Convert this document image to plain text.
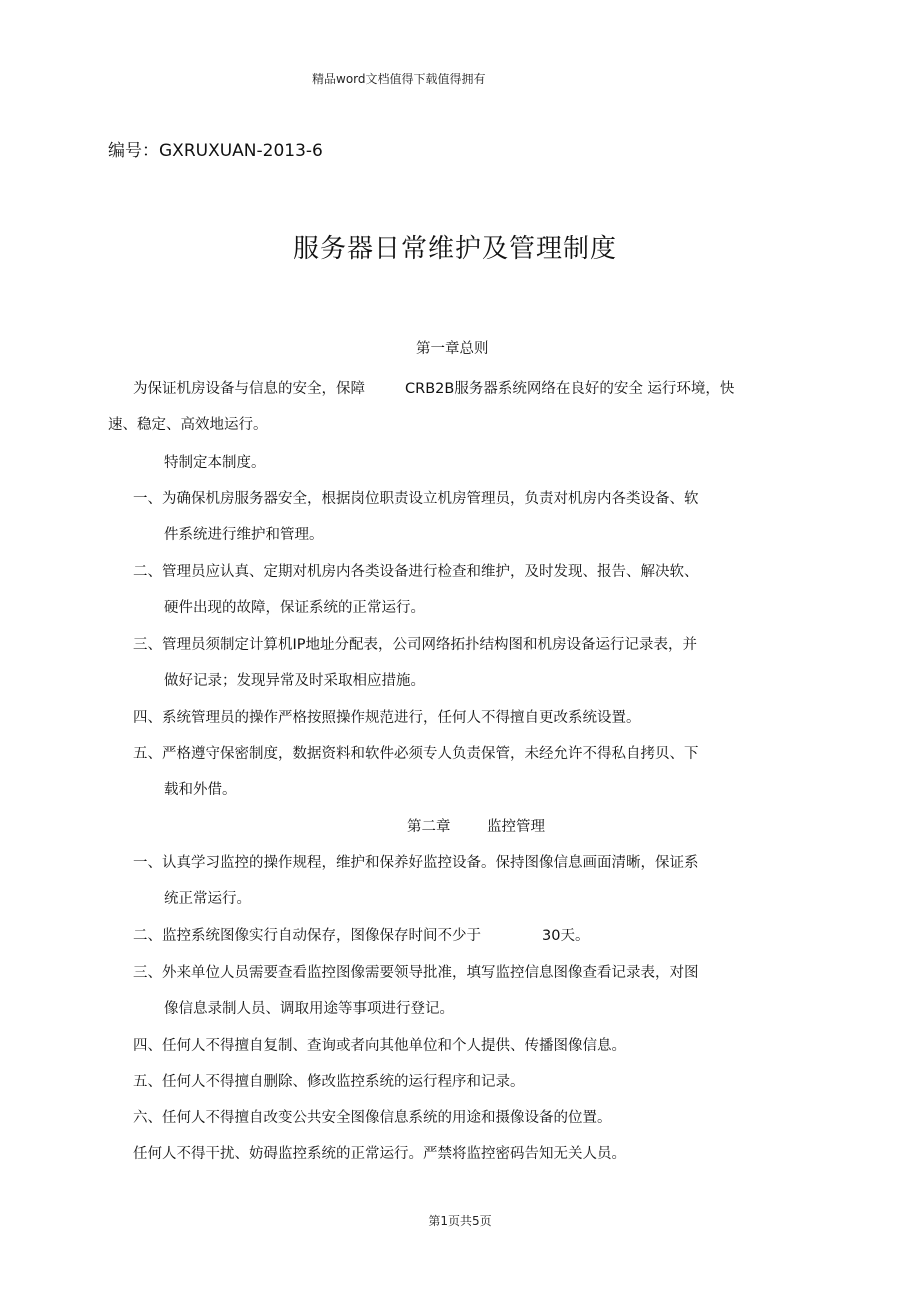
精品word文档值得下载值得拥有
编号：GXRUXUAN-2013-6
服务器日常维护及管理制度
第一章总则
为保证机房设备与信息的安全，保障	CRB2B服务器系统网络在良好的安全 运行环境，快
速、稳定、高效地运行。
特制定本制度。
一、为确保机房服务器安全，根据岗位职责设立机房管理员，负责对机房内各类设备、软
件系统进行维护和管理。
二、管理员应认真、定期对机房内各类设备进行检查和维护，及时发现、报告、解决软、
硬件出现的故障，保证系统的正常运行。
三、管理员须制定计算机IP地址分配表，公司网络拓扑结构图和机房设备运行记录表，并
做好记录；发现异常及时采取相应措施。
四、系统管理员的操作严格按照操作规范进行，任何人不得擅自更改系统设置。
五、严格遵守保密制度，数据资料和软件必须专人负责保管，未经允许不得私自拷贝、下
载和外借。
第二章	监控管理
一、认真学习监控的操作规程，维护和保养好监控设备。保持图像信息画面清晰，保证系
统正常运行。
二、监控系统图像实行自动保存，图像保存时间不少于	30天。
三、外来单位人员需要查看监控图像需要领导批准，填写监控信息图像查看记录表，对图
像信息录制人员、调取用途等事项进行登记。
四、任何人不得擅自复制、查询或者向其他单位和个人提供、传播图像信息。
五、任何人不得擅自删除、修改监控系统的运行程序和记录。
六、任何人不得擅自改变公共安全图像信息系统的用途和摄像设备的位置。
任何人不得干扰、妨碍监控系统的正常运行。严禁将监控密码告知无关人员。
第1页共5页
